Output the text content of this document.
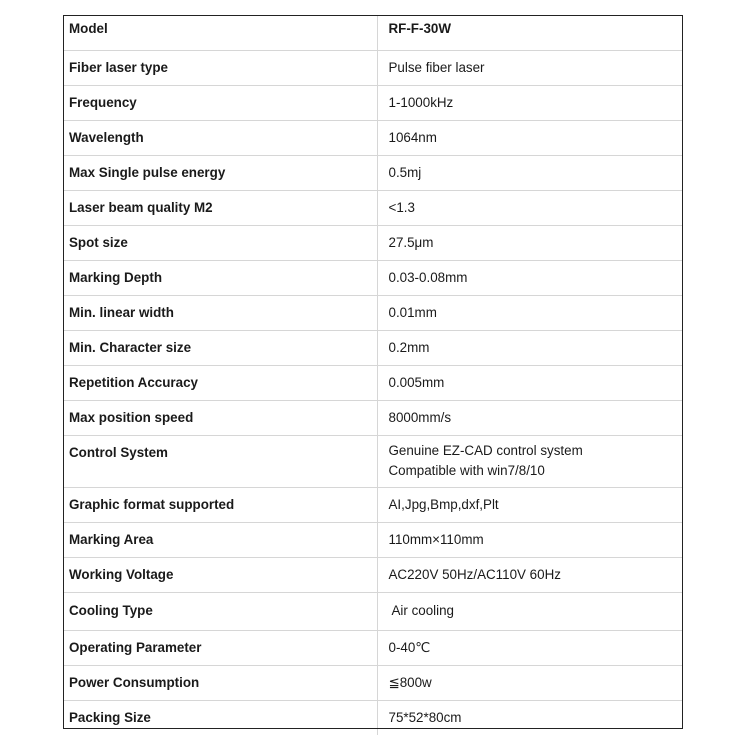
Model	RF-F-30W
Fiber laser type	Pulse fiber laser
Frequency	1-1000kHz
Wavelength	1064nm
Max Single pulse energy	0.5mj
Laser beam quality M2	<1.3
Spot size	27.5μm
Marking Depth	0.03-0.08mm
Min. linear width	0.01mm
Min. Character size	0.2mm
Repetition Accuracy	0.005mm
Max position speed	8000mm/s
Control System	Genuine EZ-CAD control system
Compatible with win7/8/10
Graphic format supported	AI,Jpg,Bmp,dxf,Plt
Marking Area	110mm×110mm
Working Voltage	AC220V 50Hz/AC110V 60Hz
Cooling Type	Air cooling
Operating Parameter	0-40℃
Power Consumption	≦800w
Packing Size	75*52*80cm
